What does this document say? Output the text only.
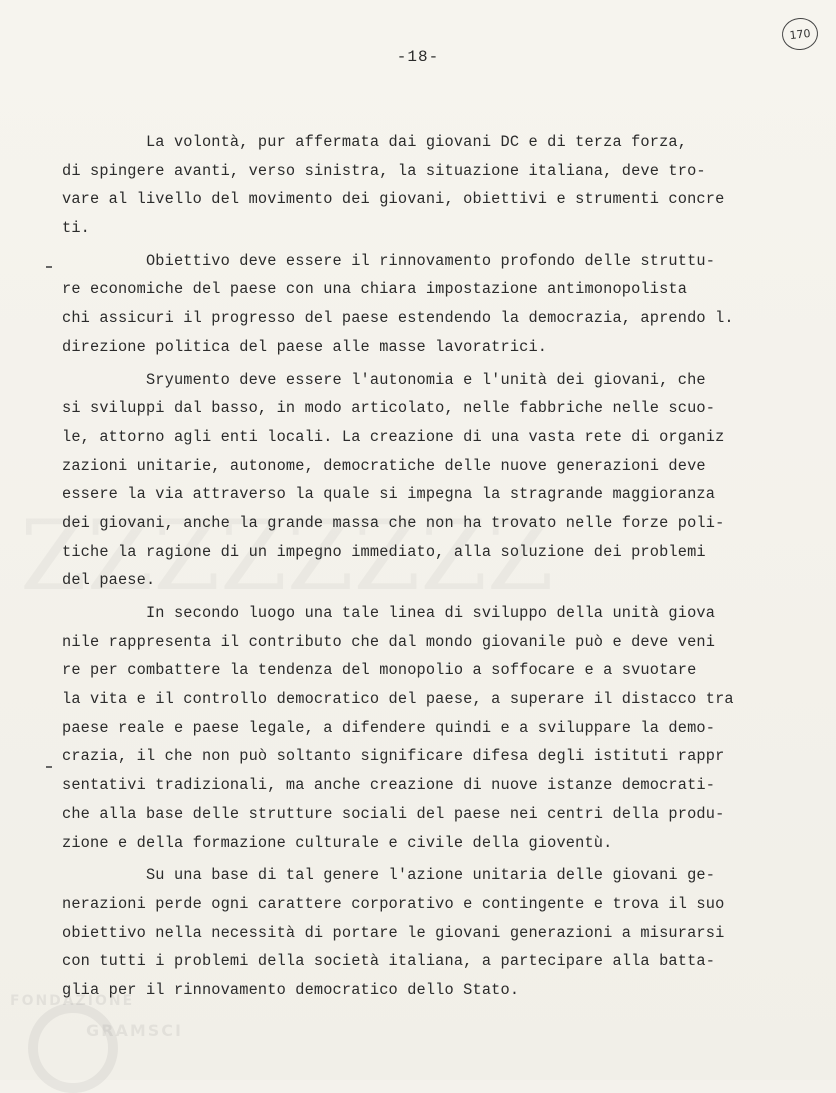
-18-
170
La volontà, pur affermata dai giovani DC e di terza forza,
di spingere avanti, verso sinistra, la situazione italiana, deve tro-
vare al livello del movimento dei giovani, obiettivi e strumenti concre
ti.
Obiettivo deve essere il rinnovamento profondo delle struttu-
re economiche del paese con una chiara impostazione antimonopolista
chi assicuri il progresso del paese estendendo la democrazia, aprendo l.
direzione politica del paese alle masse lavoratrici.
Sryumento deve essere l'autonomia e l'unità dei giovani, che
si sviluppi dal basso, in modo articolato, nelle fabbriche nelle scuo-
le, attorno agli enti locali. La creazione di una vasta rete di organiz
zazioni unitarie, autonome, democratiche delle nuove generazioni deve
essere la via attraverso la quale si impegna la stragrande maggioranza
dei giovani, anche la grande massa che non ha trovato nelle forze poli-
tiche la ragione di un impegno immediato, alla soluzione dei problemi
del paese.
In secondo luogo una tale linea di sviluppo della unità giova
nile rappresenta il contributo che dal mondo giovanile può e deve veni
re per combattere la tendenza del monopolio a soffocare e a svuotare
la vita e il controllo democratico del paese, a superare il distacco tra
paese reale e paese legale, a difendere quindi e a sviluppare la demo-
crazia, il che non può soltanto significare difesa degli istituti rappr
sentativi tradizionali, ma anche creazione di nuove istanze democrati-
che alla base delle strutture sociali del paese nei centri della produ-
zione e della formazione culturale e civile della gioventù.
Su una base di tal genere l'azione unitaria delle giovani ge-
nerazioni perde ogni carattere corporativo e contingente e trova il suo
obiettivo nella necessità di portare le giovani generazioni a misurarsi
con tutti i problemi della società italiana, a partecipare alla batta-
glia per il rinnovamento democratico dello Stato.
FONDAZIONE
GRAMSCI
